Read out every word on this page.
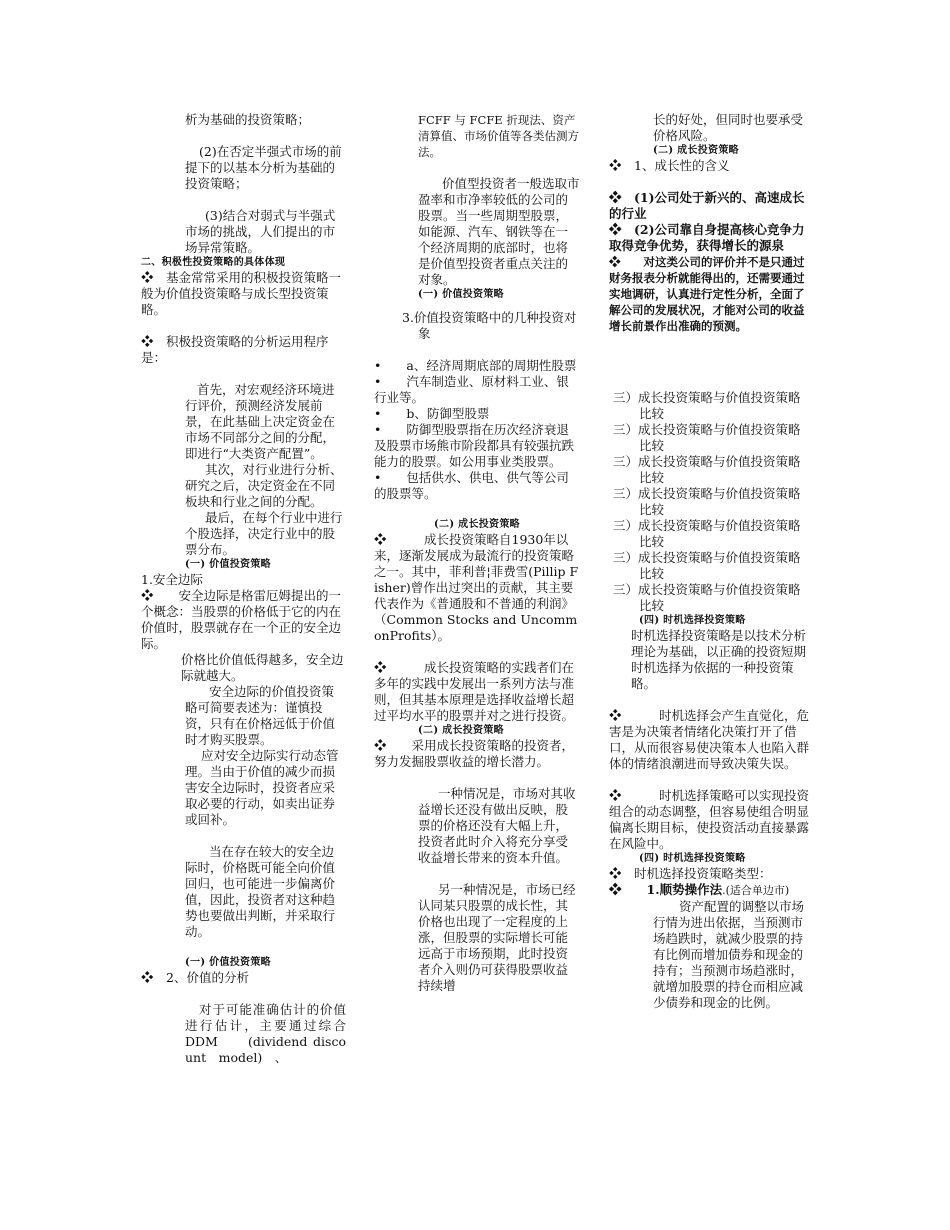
析为基础的投资策略；

(2)在否定半强式市场的前提下的以基本分析为基础的投资策略；

(3)结合对弱式与半强式市场的挑战，人们提出的市场异常策略。

二、积极性投资策略的具体体现

❖　基金常常采用的积极投资策略一般为价值投资策略与成长型投资策略。

❖　积极投资策略的分析运用程序是：

首先，对宏观经济环境进行评价，预测经济发展前景，在此基础上决定资金在市场不同部分之间的分配，即进行“大类资产配置”。

其次，对行业进行分析、研究之后，决定资金在不同板块和行业之间的分配。

最后，在每个行业中进行个股选择，决定行业中的股票分布。

(一) 价值投资策略

1.安全边际

❖　　安全边际是格雷厄姆提出的一个概念：当股票的价格低于它的内在价值时，股票就存在一个正的安全边际。

价格比价值低得越多，安全边际就越大。

安全边际的价值投资策略可简要表述为：谨慎投资，只有在价格远低于价值时才购买股票。

应对安全边际实行动态管理。当由于价值的减少而损害安全边际时，投资者应采取必要的行动，如卖出证券或回补。

当在存在较大的安全边际时，价格既可能全向价值回归，也可能进一步偏离价值，因此，投资者对这种趋势也要做出判断，并采取行动。

(一) 价值投资策略

❖　2、价值的分析

对于可能准确估计的价值进行估计，主要通过综合　　DDM　　(dividend discount　model)　、

FCFF 与 FCFE 折现法、资产清算值、市场价值等各类估测方法。

价值型投资者一般选取市盈率和市净率较低的公司的股票。当一些周期型股票，如能源、汽车、钢铁等在一个经济周期的底部时，也将是价值型投资者重点关注的对象。

(一) 价值投资策略

3.价值投资策略中的几种投资对象

•　　a、经济周期底部的周期性股票

•　　汽车制造业、原材料工业、银行业等。

•　　b、防御型股票

•　　防御型股票指在历次经济衰退及股票市场熊市阶段都具有较强抗跌能力的股票。如公用事业类股票。

•　　包括供水、供电、供气等公司的股票等。

(二) 成长投资策略

❖　　　成长投资策略自1930年以来，逐渐发展成为最流行的投资策略之一。其中，菲利普¦菲费雪(Pillip Fisher)曾作出过突出的贡献，其主要代表作为《普通股和不普通的利润》（Common Stocks and UncommonProfits）。

❖　　　成长投资策略的实践者们在多年的实践中发展出一系列方法与准则，但其基本原理是选择收益增长超过平均水平的股票并对之进行投资。

(二) 成长投资策略

❖　　采用成长投资策略的投资者，努力发掘股票收益的增长潜力。

一种情况是，市场对其收益增长还没有做出反映，股票的价格还没有大幅上升，投资者此时介入将充分享受收益增长带来的资本升值。

另一种情况是，市场已经认同某只股票的成长性，其价格也出现了一定程度的上涨，但股票的实际增长可能远高于市场预期，此时投资者介入则仍可获得股票收益持续增

长的好处，但同时也要承受价格风险。

(二) 成长投资策略

❖　1、成长性的含义

❖　(1)公司处于新兴的、高速成长的行业

❖　(2)公司靠自身提高核心竞争力取得竞争优势，获得增长的源泉

❖　　对这类公司的评价并不是只通过财务报表分析就能得出的，还需要通过实地调研，认真进行定性分析，全面了解公司的发展状况，才能对公司的收益增长前景作出准确的预测。

三）成长投资策略与价值投资策略比较

三）成长投资策略与价值投资策略比较

三）成长投资策略与价值投资策略比较

三）成长投资策略与价值投资策略比较

三）成长投资策略与价值投资策略比较

三）成长投资策略与价值投资策略比较

三）成长投资策略与价值投资策略比较

(四) 时机选择投资策略

时机选择投资策略是以技术分析理论为基础，以正确的投资短期时机选择为依据的一种投资策略。

❖　　　时机选择会产生直觉化，危害是为决策者情绪化决策打开了借口，从而很容易使决策本人也陷入群体的情绪浪潮进而导致决策失误。

❖　　　时机选择策略可以实现投资组合的动态调整，但容易使组合明显偏离长期目标，使投资活动直接暴露在风险中。

(四) 时机选择投资策略

❖　时机选择投资策略类型：

❖　　1.顺势操作法.(适合单边市)

资产配置的调整以市场行情为进出依据，当预测市场趋跌时，就减少股票的持有比例而增加债券和现金的持有；当预测市场趋涨时，就增加股票的持仓而相应减少债券和现金的比例。
